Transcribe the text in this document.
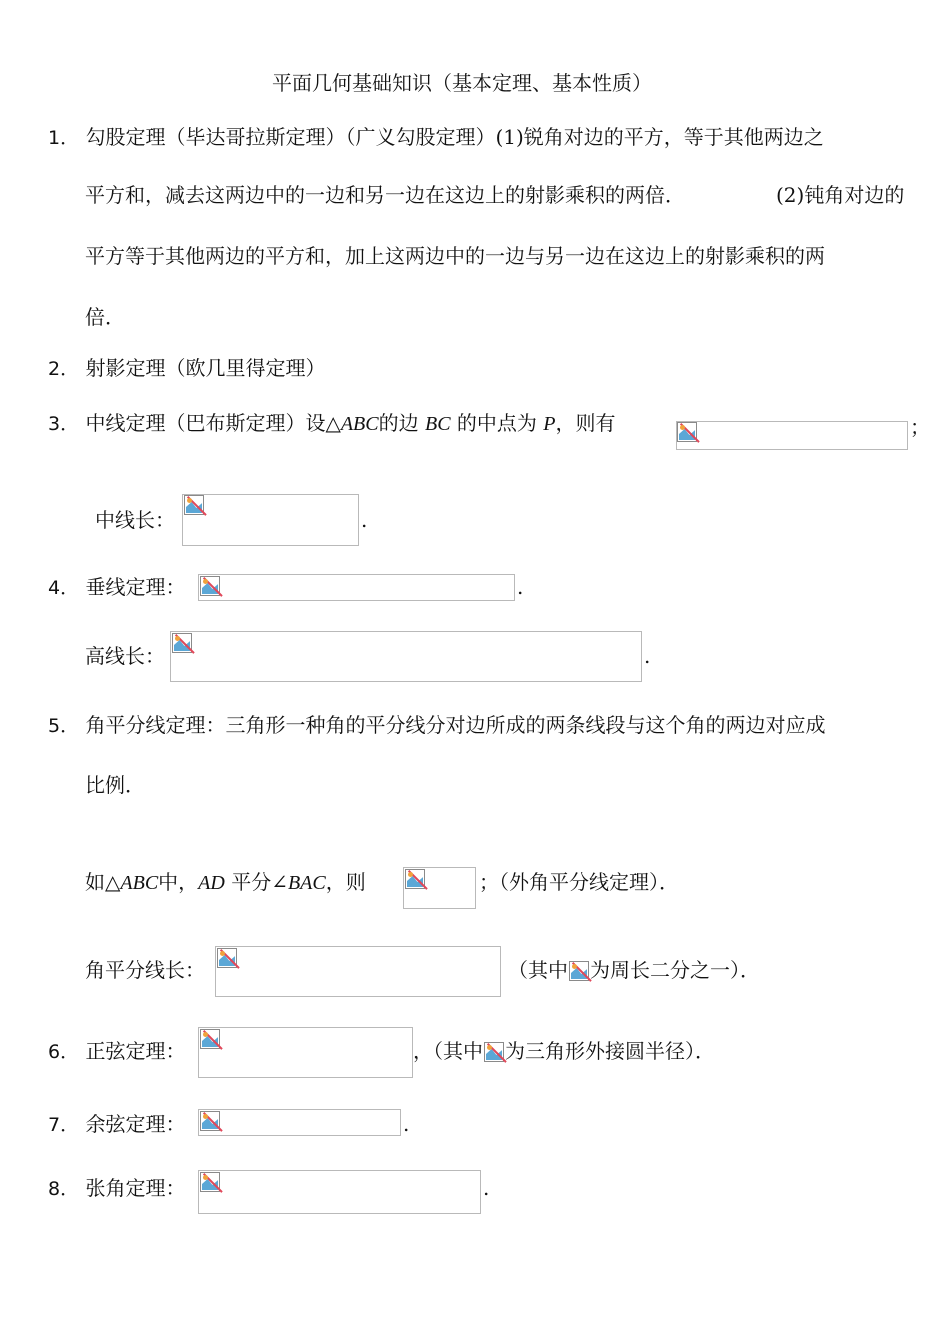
平面几何基础知识（基本定理、基本性质）
1． 勾股定理（毕达哥拉斯定理）（广义勾股定理）(1)锐角对边的平方，等于其他两边之
平方和，减去这两边中的一边和另一边在这边上的射影乘积的两倍．	(2)钝角对边的
平方等于其他两边的平方和，加上这两边中的一边与另一边在这边上的射影乘积的两
倍．
2． 射影定理（欧几里得定理）
3． 中线定理（巴布斯定理）设△ABC的边 BC 的中点为 P，则有	；
中线长：	.
4． 垂线定理：	.
高线长：	.
5． 角平分线定理：三角形一种角的平分线分对边所成的两条线段与这个角的两边对应成
比例．
如△ABC中，AD 平分∠BAC，则	；（外角平分线定理）．
角平分线长：	（其中 为周长二分之一）．
6． 正弦定理：	，（其中 为三角形外接圆半径）．
7． 余弦定理：	.
8． 张角定理：	.
